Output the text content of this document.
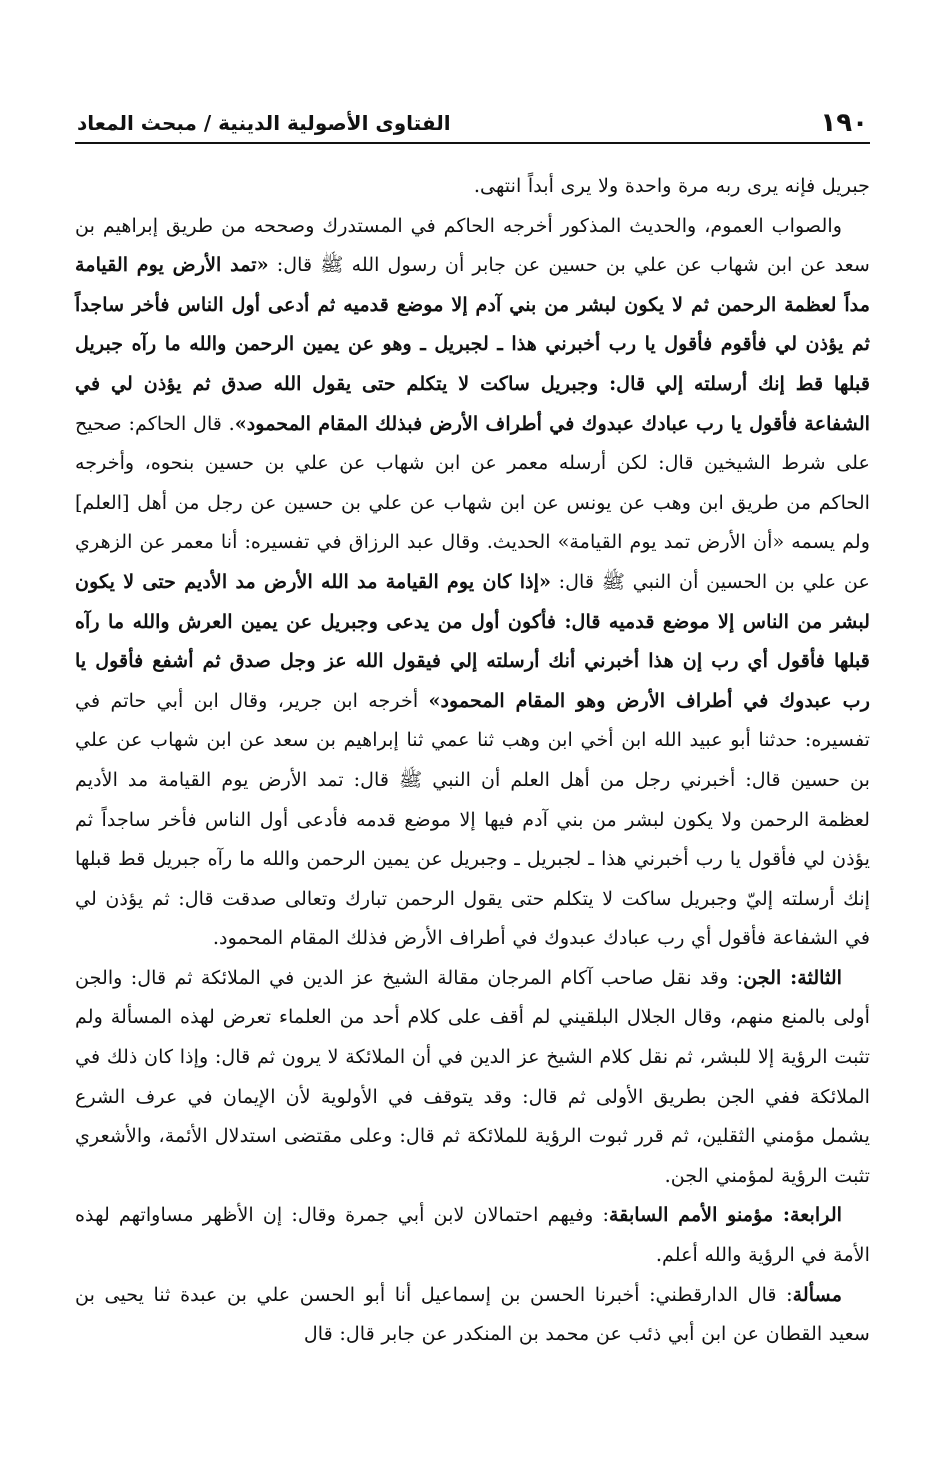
١٩٠
الفتاوى الأصولية الدينية / مبحث المعاد

جبريل فإنه يرى ربه مرة واحدة ولا يرى أبداً انتهى.

والصواب العموم، والحديث المذكور أخرجه الحاكم في المستدرك وصححه من طريق إبراهيم بن سعد عن ابن شهاب عن علي بن حسين عن جابر أن رسول الله ﷺ قال: «تمد الأرض يوم القيامة مداً لعظمة الرحمن ثم لا يكون لبشر من بني آدم إلا موضع قدميه ثم أدعى أول الناس فأخر ساجداً ثم يؤذن لي فأقوم فأقول يا رب أخبرني هذا ـ لجبريل ـ وهو عن يمين الرحمن والله ما رآه جبريل قبلها قط إنك أرسلته إلي قال: وجبريل ساكت لا يتكلم حتى يقول الله صدق ثم يؤذن لي في الشفاعة فأقول يا رب عبادك عبدوك في أطراف الأرض فبذلك المقام المحمود». قال الحاكم: صحيح على شرط الشيخين قال: لكن أرسله معمر عن ابن شهاب عن علي بن حسين بنحوه، وأخرجه الحاكم من طريق ابن وهب عن يونس عن ابن شهاب عن علي بن حسين عن رجل من أهل [العلم] ولم يسمه «أن الأرض تمد يوم القيامة» الحديث. وقال عبد الرزاق في تفسيره: أنا معمر عن الزهري عن علي بن الحسين أن النبي ﷺ قال: «إذا كان يوم القيامة مد الله الأرض مد الأديم حتى لا يكون لبشر من الناس إلا موضع قدميه قال: فأكون أول من يدعى وجبريل عن يمين العرش والله ما رآه قبلها فأقول أي رب إن هذا أخبرني أنك أرسلته إلي فيقول الله عز وجل صدق ثم أشفع فأقول يا رب عبدوك في أطراف الأرض وهو المقام المحمود» أخرجه ابن جرير، وقال ابن أبي حاتم في تفسيره: حدثنا أبو عبيد الله ابن أخي ابن وهب ثنا عمي ثنا إبراهيم بن سعد عن ابن شهاب عن علي بن حسين قال: أخبرني رجل من أهل العلم أن النبي ﷺ قال: تمد الأرض يوم القيامة مد الأديم لعظمة الرحمن ولا يكون لبشر من بني آدم فيها إلا موضع قدمه فأدعى أول الناس فأخر ساجداً ثم يؤذن لي فأقول يا رب أخبرني هذا ـ لجبريل ـ وجبريل عن يمين الرحمن والله ما رآه جبريل قط قبلها إنك أرسلته إليّ وجبريل ساكت لا يتكلم حتى يقول الرحمن تبارك وتعالى صدقت قال: ثم يؤذن لي في الشفاعة فأقول أي رب عبادك عبدوك في أطراف الأرض فذلك المقام المحمود.

الثالثة: الجن: وقد نقل صاحب آكام المرجان مقالة الشيخ عز الدين في الملائكة ثم قال: والجن أولى بالمنع منهم، وقال الجلال البلقيني لم أقف على كلام أحد من العلماء تعرض لهذه المسألة ولم تثبت الرؤية إلا للبشر، ثم نقل كلام الشيخ عز الدين في أن الملائكة لا يرون ثم قال: وإذا كان ذلك في الملائكة ففي الجن بطريق الأولى ثم قال: وقد يتوقف في الأولوية لأن الإيمان في عرف الشرع يشمل مؤمني الثقلين، ثم قرر ثبوت الرؤية للملائكة ثم قال: وعلى مقتضى استدلال الأئمة، والأشعري تثبت الرؤية لمؤمني الجن.

الرابعة: مؤمنو الأمم السابقة: وفيهم احتمالان لابن أبي جمرة وقال: إن الأظهر مساواتهم لهذه الأمة في الرؤية والله أعلم.

مسألة: قال الدارقطني: أخبرنا الحسن بن إسماعيل أنا أبو الحسن علي بن عبدة ثنا يحيى بن سعيد القطان عن ابن أبي ذئب عن محمد بن المنكدر عن جابر قال: قال
